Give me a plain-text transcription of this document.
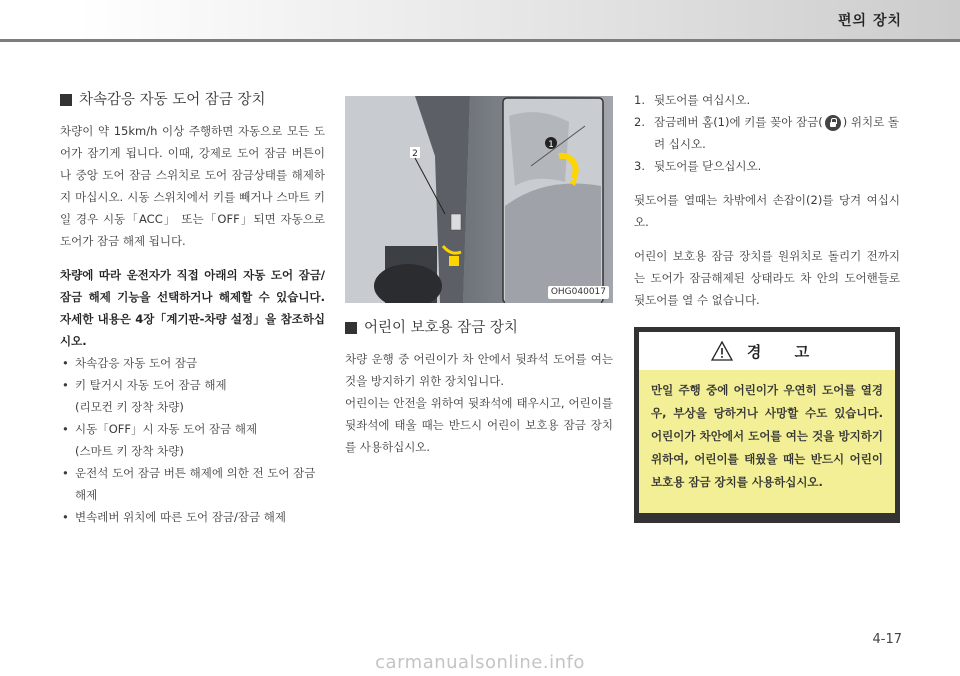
편의 장치
차속감응 자동 도어 잠금 장치

차량이 약 15km/h 이상 주행하면 자동으로 모든 도어가 잠기게 됩니다. 이때, 강제로 도어 잠금 버튼이나 중앙 도어 잠금 스위치로 도어 잠금상태를 해제하지 마십시오. 시동 스위치에서 키를 빼거나 스마트 키 일 경우 시동「ACC」 또는「OFF」되면 자동으로 도어가 잠금 해제 됩니다.

차량에 따라 운전자가 직접 아래의 자동 도어 잠금/잠금 해제 기능을 선택하거나 해제할 수 있습니다. 자세한 내용은 4장「계기판-차량 설정」을 참조하십시오.

• 차속감응 자동 도어 잠금
• 키 탈거시 자동 도어 잠금 해제
(리모컨 키 장착 차량)
• 시동「OFF」시 자동 도어 잠금 해제
(스마트 키 장착 차량)
• 운전석 도어 잠금 버튼 해제에 의한 전 도어 잠금
해제
• 변속레버 위치에 따른 도어 잠금/잠금 해제
1
2
OHG040017
어린이 보호용 잠금 장치

차량 운행 중 어린이가 차 안에서 뒷좌석 도어를 여는 것을 방지하기 위한 장치입니다.

어린이는 안전을 위하여 뒷좌석에 태우시고, 어린이를 뒷좌석에 태울 때는 반드시 어린이 보호용 잠금 장치를 사용하십시오.

1. 뒷도어를 여십시오.
2. 잠금레버 홈(1)에 키를 꽂아 잠금( ) 위치로 돌려 십시오.
3. 뒷도어를 닫으십시오.

뒷도어를 열때는 차밖에서 손잡이(2)를 당겨 여십시오.

어린이 보호용 잠금 장치를 원위치로 돌리기 전까지는 도어가 잠금해제된 상태라도 차 안의 도어핸들로 뒷도어를 열 수 없습니다.

경 고
만일 주행 중에 어린이가 우연히 도어를 열경우, 부상을 당하거나 사망할 수도 있습니다. 어린이가 차안에서 도어를 여는 것을 방지하기 위하여, 어린이를 태웠을 때는 반드시 어린이 보호용 잠금 장치를 사용하십시오.
4-17
carmanualsonline.info
